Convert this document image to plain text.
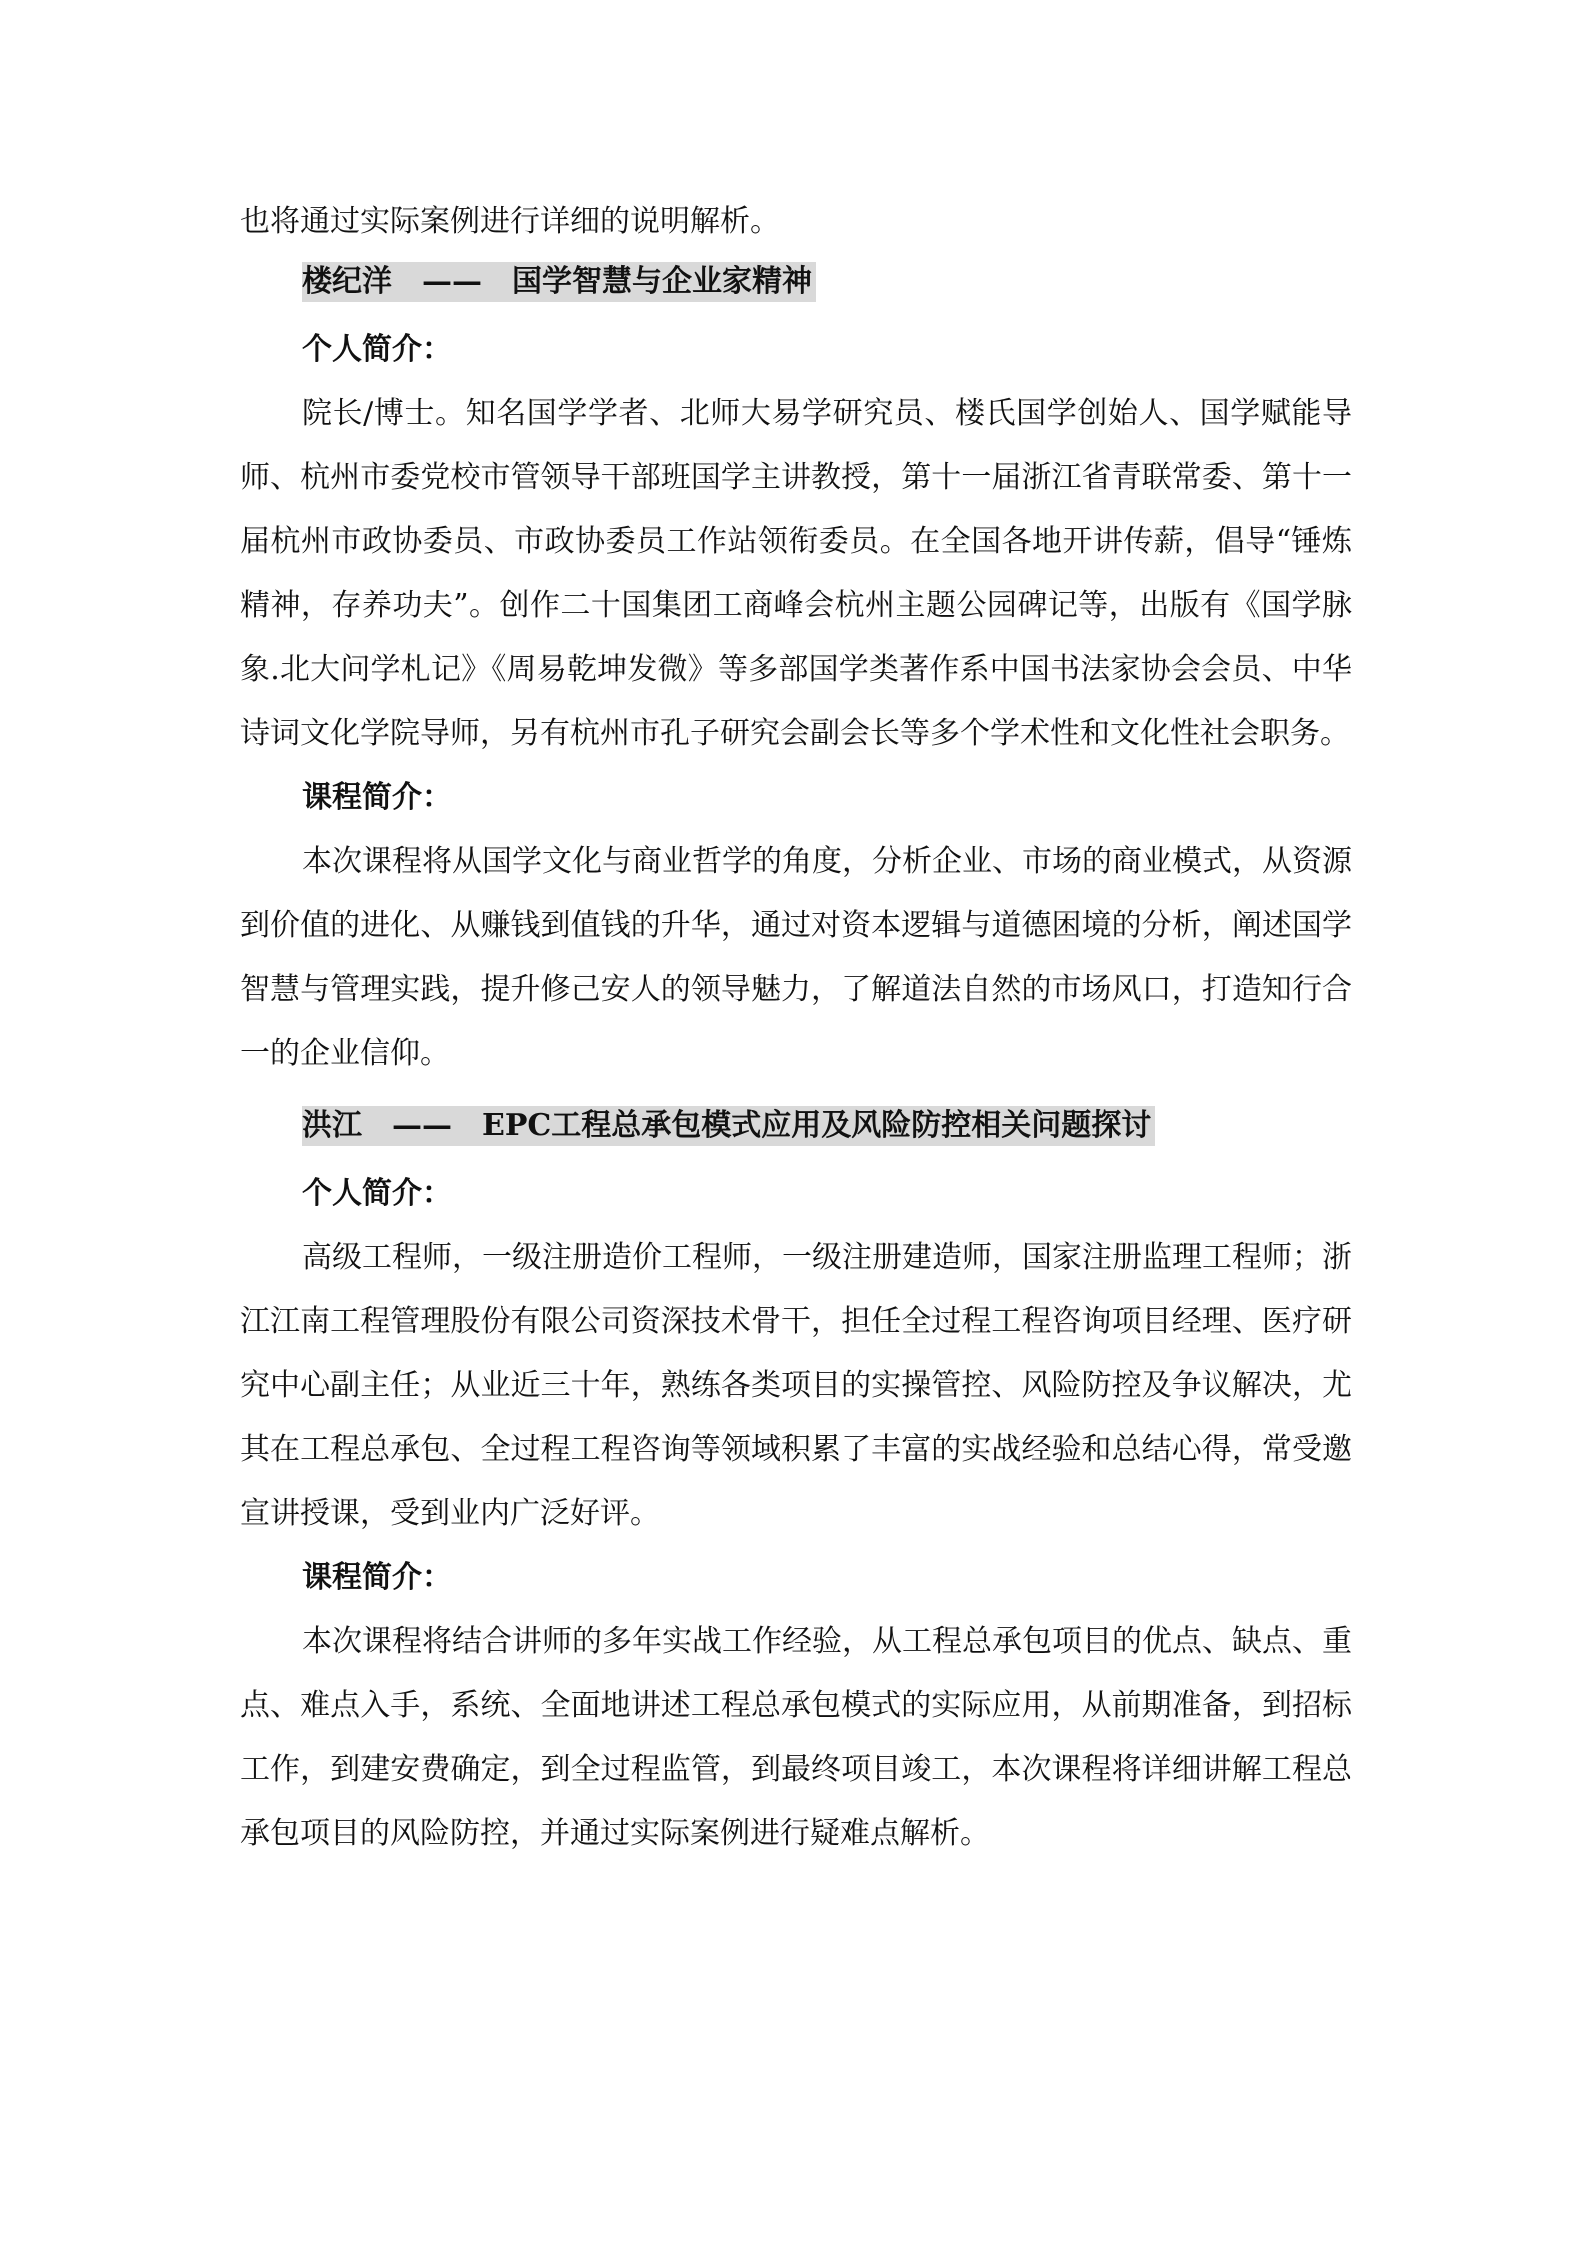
也将通过实际案例进行详细的说明解析。

楼纪洋　——　国学智慧与企业家精神
个人简介：

院长/博士。知名国学学者、北师大易学研究员、楼氏国学创始人、国学赋能导师、杭州市委党校市管领导干部班国学主讲教授，第十一届浙江省青联常委、第十一届杭州市政协委员、市政协委员工作站领衔委员。在全国各地开讲传薪，倡导“锤炼精神，存养功夫”。创作二十国集团工商峰会杭州主题公园碑记等，出版有《国学脉象.北大问学札记》《周易乾坤发微》等多部国学类著作系中国书法家协会会员、中华诗词文化学院导师，另有杭州市孔子研究会副会长等多个学术性和文化性社会职务。

课程简介：

本次课程将从国学文化与商业哲学的角度，分析企业、市场的商业模式，从资源到价值的进化、从赚钱到值钱的升华，通过对资本逻辑与道德困境的分析，阐述国学智慧与管理实践，提升修己安人的领导魅力，了解道法自然的市场风口，打造知行合一的企业信仰。

洪江　——　EPC工程总承包模式应用及风险防控相关问题探讨
个人简介：

高级工程师，一级注册造价工程师，一级注册建造师，国家注册监理工程师；浙江江南工程管理股份有限公司资深技术骨干，担任全过程工程咨询项目经理、医疗研究中心副主任；从业近三十年，熟练各类项目的实操管控、风险防控及争议解决，尤其在工程总承包、全过程工程咨询等领域积累了丰富的实战经验和总结心得，常受邀宣讲授课，受到业内广泛好评。

课程简介：

本次课程将结合讲师的多年实战工作经验，从工程总承包项目的优点、缺点、重点、难点入手，系统、全面地讲述工程总承包模式的实际应用，从前期准备，到招标工作，到建安费确定，到全过程监管，到最终项目竣工，本次课程将详细讲解工程总承包项目的风险防控，并通过实际案例进行疑难点解析。
